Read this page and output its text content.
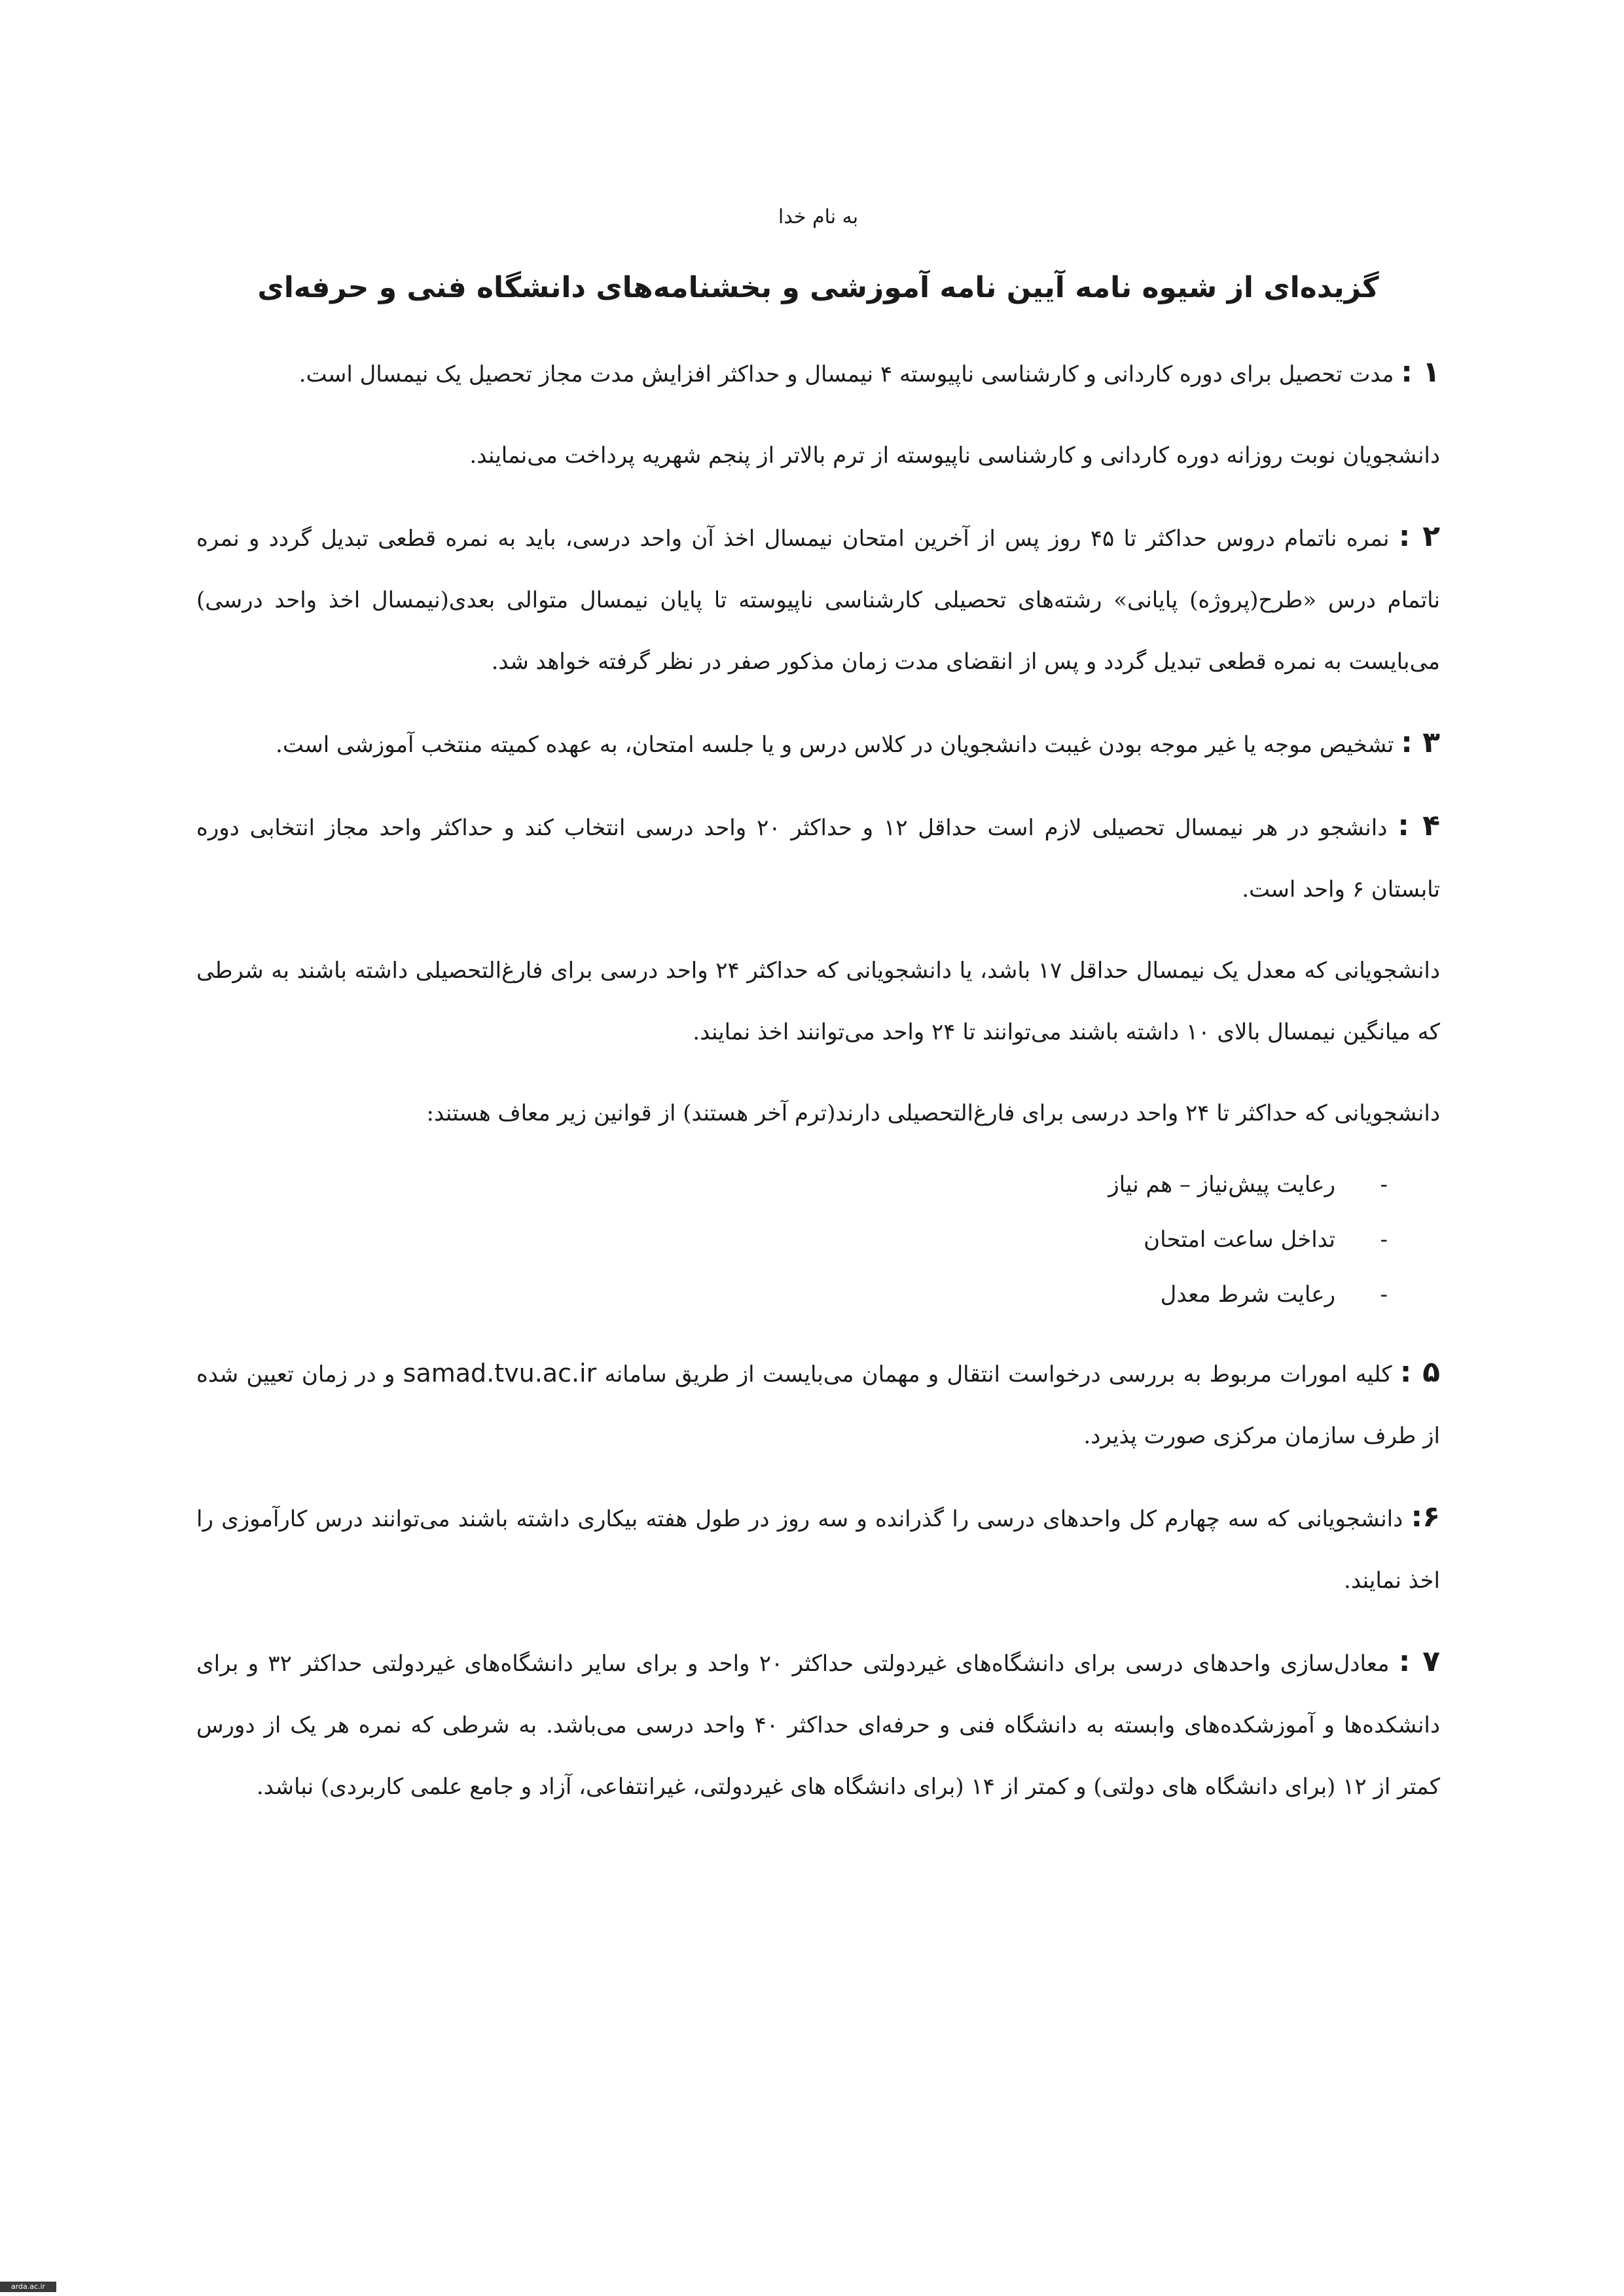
به نام خدا
گزیده‌ای از شیوه نامه آیین نامه آموزشی و بخشنامه‌های دانشگاه فنی و حرفه‌ای

۱ : مدت تحصیل برای دوره کاردانی و کارشناسی ناپیوسته ۴ نیمسال و حداکثر افزایش مدت مجاز تحصیل یک نیمسال است.

دانشجویان نوبت روزانه دوره کاردانی و کارشناسی ناپیوسته از ترم بالاتر از پنجم شهریه پرداخت می‌نمایند.

۲ : نمره ناتمام دروس حداکثر تا ۴۵ روز پس از آخرین امتحان نیمسال اخذ آن واحد درسی، باید به نمره قطعی تبدیل گردد و نمره ناتمام درس «طرح(پروژه) پایانی» رشته‌های تحصیلی کارشناسی ناپیوسته تا پایان نیمسال متوالی بعدی(نیمسال اخذ واحد درسی) می‌بایست به نمره قطعی تبدیل گردد و پس از انقضای مدت زمان مذکور صفر در نظر گرفته خواهد شد.

۳ : تشخیص موجه یا غیر موجه بودن غیبت دانشجویان در کلاس درس و یا جلسه امتحان، به عهده کمیته منتخب آموزشی است.

۴ : دانشجو در هر نیمسال تحصیلی لازم است حداقل ۱۲ و حداکثر ۲۰ واحد درسی انتخاب کند و حداکثر واحد مجاز انتخابی دوره تابستان ۶ واحد است.

دانشجویانی که معدل یک نیمسال حداقل ۱۷ باشد، یا دانشجویانی که حداکثر ۲۴ واحد درسی برای فارغ‌التحصیلی داشته باشند به شرطی که میانگین نیمسال بالای ۱۰ داشته باشند می‌توانند تا ۲۴ واحد می‌توانند اخذ نمایند.

دانشجویانی که حداکثر تا ۲۴ واحد درسی برای فارغ‌التحصیلی دارند(ترم آخر هستند) از قوانین زیر معاف هستند:

-
رعایت پیش‌نیاز – هم نیاز
-
تداخل ساعت امتحان
-
رعایت شرط معدل

۵ : کلیه امورات مربوط به بررسی درخواست انتقال و مهمان می‌بایست از طریق سامانه samad.tvu.ac.ir و در زمان تعیین شده از طرف سازمان مرکزی صورت پذیرد.

۶: دانشجویانی که سه چهارم کل واحدهای درسی را گذرانده و سه روز در طول هفته بیکاری داشته باشند می‌توانند درس کارآموزی را اخذ نمایند.

۷ : معادل‌سازی واحدهای درسی برای دانشگاه‌های غیردولتی حداکثر ۲۰ واحد و برای سایر دانشگاه‌های غیردولتی حداکثر ۳۲ و برای دانشکده‌ها و آموزشکده‌های وابسته به دانشگاه فنی و حرفه‌ای حداکثر ۴۰ واحد درسی می‌باشد. به شرطی که نمره هر یک از دورس کمتر از ۱۲ (برای دانشگاه های دولتی) و کمتر از ۱۴ (برای دانشگاه های غیردولتی، غیرانتفاعی، آزاد و جامع علمی کاربردی) نباشد.

arda.ac.ir
